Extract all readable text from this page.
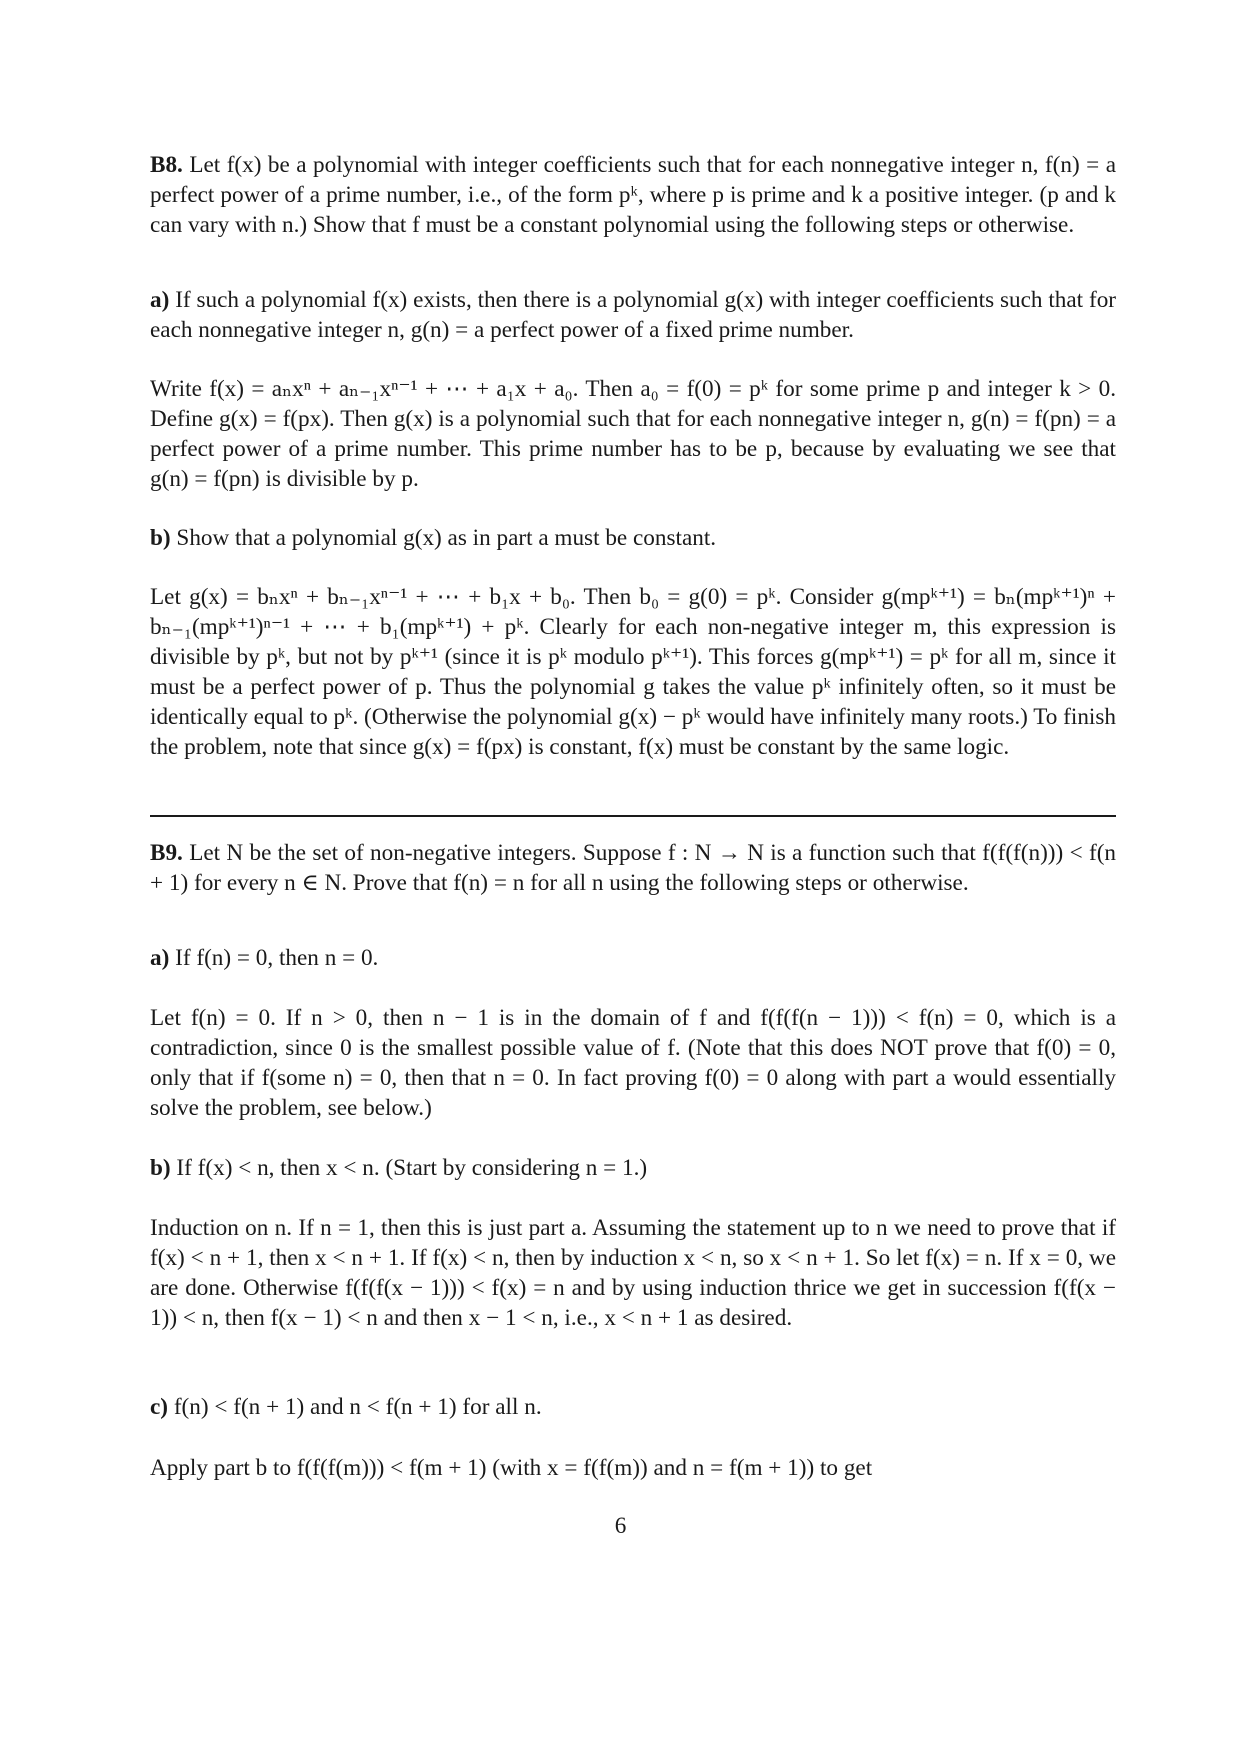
B8. Let f(x) be a polynomial with integer coefficients such that for each nonnegative integer n, f(n) = a perfect power of a prime number, i.e., of the form pᵏ, where p is prime and k a positive integer. (p and k can vary with n.) Show that f must be a constant polynomial using the following steps or otherwise.

a) If such a polynomial f(x) exists, then there is a polynomial g(x) with integer coefficients such that for each nonnegative integer n, g(n) = a perfect power of a fixed prime number.

Write f(x) = aₙxⁿ + aₙ₋₁xⁿ⁻¹ + ⋯ + a₁x + a₀. Then a₀ = f(0) = pᵏ for some prime p and integer k > 0. Define g(x) = f(px). Then g(x) is a polynomial such that for each nonnegative integer n, g(n) = f(pn) = a perfect power of a prime number. This prime number has to be p, because by evaluating we see that g(n) = f(pn) is divisible by p.

b) Show that a polynomial g(x) as in part a must be constant.

Let g(x) = bₙxⁿ + bₙ₋₁xⁿ⁻¹ + ⋯ + b₁x + b₀. Then b₀ = g(0) = pᵏ. Consider g(mpᵏ⁺¹) = bₙ(mpᵏ⁺¹)ⁿ + bₙ₋₁(mpᵏ⁺¹)ⁿ⁻¹ + ⋯ + b₁(mpᵏ⁺¹) + pᵏ. Clearly for each non-negative integer m, this expression is divisible by pᵏ, but not by pᵏ⁺¹ (since it is pᵏ modulo pᵏ⁺¹). This forces g(mpᵏ⁺¹) = pᵏ for all m, since it must be a perfect power of p. Thus the polynomial g takes the value pᵏ infinitely often, so it must be identically equal to pᵏ. (Otherwise the polynomial g(x) − pᵏ would have infinitely many roots.) To finish the problem, note that since g(x) = f(px) is constant, f(x) must be constant by the same logic.

B9. Let N be the set of non-negative integers. Suppose f : N → N is a function such that f(f(f(n))) < f(n + 1) for every n ∈ N. Prove that f(n) = n for all n using the following steps or otherwise.

a) If f(n) = 0, then n = 0.

Let f(n) = 0. If n > 0, then n − 1 is in the domain of f and f(f(f(n − 1))) < f(n) = 0, which is a contradiction, since 0 is the smallest possible value of f. (Note that this does NOT prove that f(0) = 0, only that if f(some n) = 0, then that n = 0. In fact proving f(0) = 0 along with part a would essentially solve the problem, see below.)

b) If f(x) < n, then x < n. (Start by considering n = 1.)

Induction on n. If n = 1, then this is just part a. Assuming the statement up to n we need to prove that if f(x) < n + 1, then x < n + 1. If f(x) < n, then by induction x < n, so x < n + 1. So let f(x) = n. If x = 0, we are done. Otherwise f(f(f(x − 1))) < f(x) = n and by using induction thrice we get in succession f(f(x − 1)) < n, then f(x − 1) < n and then x − 1 < n, i.e., x < n + 1 as desired.

c) f(n) < f(n + 1) and n < f(n + 1) for all n.

Apply part b to f(f(f(m))) < f(m + 1) (with x = f(f(m)) and n = f(m + 1)) to get

6
